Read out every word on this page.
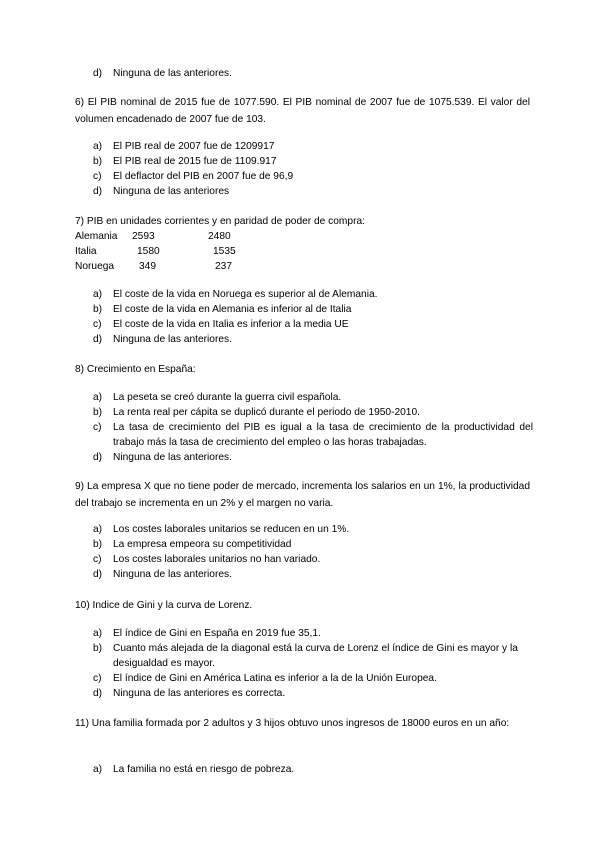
d)	Ninguna de las anteriores.

6) El PIB nominal de 2015 fue de 1077.590. El PIB nominal de 2007 fue de 1075.539. El valor del volumen encadenado de 2007 fue de 103.

a)	El PIB real de 2007 fue de 1209917
b)	El PIB real de 2015 fue de 1109.917
c)	El deflactor del PIB en 2007 fue de 96,9
d)	Ninguna de las anteriores

7) PIB en unidades corrientes y en paridad de poder de compra:

Alemania 2593	2480
Italia	1580	1535
Noruega 349	237
a)	El coste de la vida en Noruega es superior al de Alemania.
b)	El coste de la vida en Alemania es inferior al de Italia
c)	El coste de la vida en Italia es inferior a la media UE
d)	Ninguna de las anteriores.

8) Crecimiento en España:

a)	La peseta se creó durante la guerra civil española.
b)	La renta real per cápita se duplicó durante el periodo de 1950-2010.
c)	La tasa de crecimiento del PIB es igual a la tasa de crecimiento de la productividad del trabajo más la tasa de crecimiento del empleo o las horas trabajadas.
d)	Ninguna de las anteriores.

9) La empresa X que no tiene poder de mercado, incrementa los salarios en un 1%, la productividad del trabajo se incrementa en un 2% y el margen no varia.

a)	Los costes laborales unitarios se reducen en un 1%.
b)	La empresa empeora su competitividad
c)	Los costes laborales unitarios no han variado.
d)	Ninguna de las anteriores.

10) Indice de Gini y la curva de Lorenz.

a)	El índice de Gini en España en 2019 fue 35,1.
b)	Cuanto más alejada de la diagonal está la curva de Lorenz el índice de Gini es mayor y la desigualdad es mayor.
c)	El índice de Gini en América Latina es inferior a la de la Unión Europea.
d)	Ninguna de las anteriores es correcta.

11) Una familia formada por 2 adultos y 3 hijos obtuvo unos ingresos de 18000 euros en un año:

a)	La familia no está en riesgo de pobreza.
